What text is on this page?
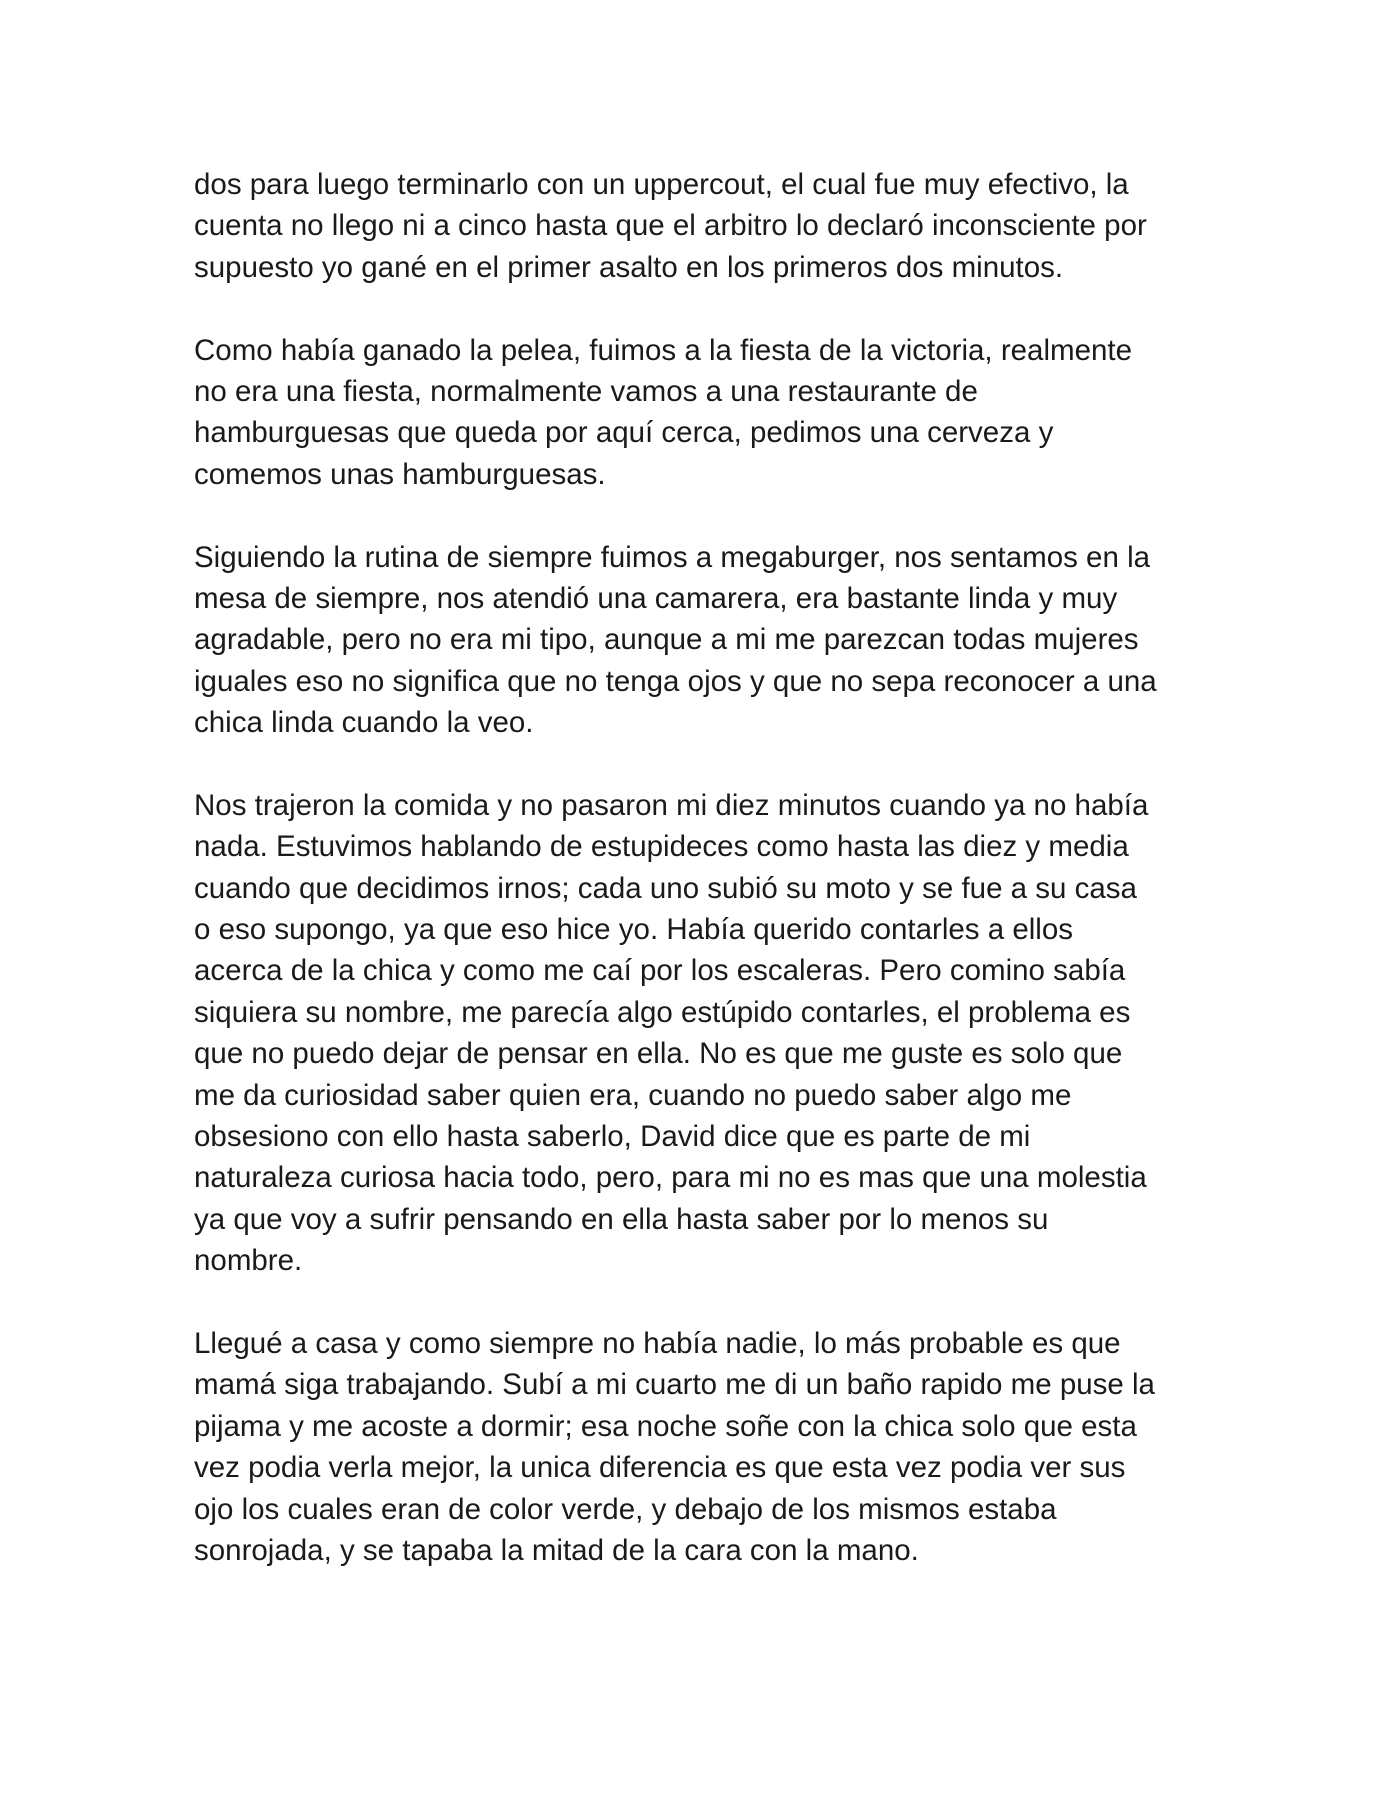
dos para luego terminarlo con un uppercout, el cual fue muy efectivo, la
cuenta no llego ni a cinco hasta que el arbitro lo declaró inconsciente por
supuesto yo gané en el primer asalto en los primeros dos minutos.

Como había ganado la pelea, fuimos a la fiesta de la victoria, realmente
no era una fiesta, normalmente vamos a una restaurante de
hamburguesas que queda por aquí cerca, pedimos una cerveza y
comemos unas hamburguesas.

Siguiendo la rutina de siempre fuimos a megaburger, nos sentamos en la
mesa de siempre, nos atendió una camarera, era bastante linda y muy
agradable, pero no era mi tipo, aunque a mi me parezcan todas mujeres
iguales eso no significa que no tenga ojos y que no sepa reconocer a una
chica linda cuando la veo.

Nos trajeron la comida y no pasaron mi diez minutos cuando ya no había
nada. Estuvimos hablando de estupideces como hasta las diez y media
cuando que decidimos irnos; cada uno subió su moto y se fue a su casa
o eso supongo, ya que eso hice yo. Había querido contarles a ellos
acerca de la chica y como me caí por los escaleras. Pero comino sabía
siquiera su nombre, me parecía algo estúpido contarles, el problema es
que no puedo dejar de pensar en ella. No es que me guste es solo que
me da curiosidad saber quien era, cuando no puedo saber algo me
obsesiono con ello hasta saberlo, David dice que es parte de mi
naturaleza curiosa hacia todo, pero, para mi no es mas que una molestia
ya que voy a sufrir pensando en ella hasta saber por lo menos su
nombre.

Llegué a casa y como siempre no había nadie, lo más probable es que
mamá siga trabajando. Subí a mi cuarto me di un baño rapido me puse la
pijama y me acoste a dormir; esa noche soñe con la chica solo que esta
vez podia verla mejor, la unica diferencia es que esta vez podia ver sus
ojo los cuales eran de color verde, y debajo de los mismos estaba
sonrojada, y se tapaba la mitad de la cara con la mano.
